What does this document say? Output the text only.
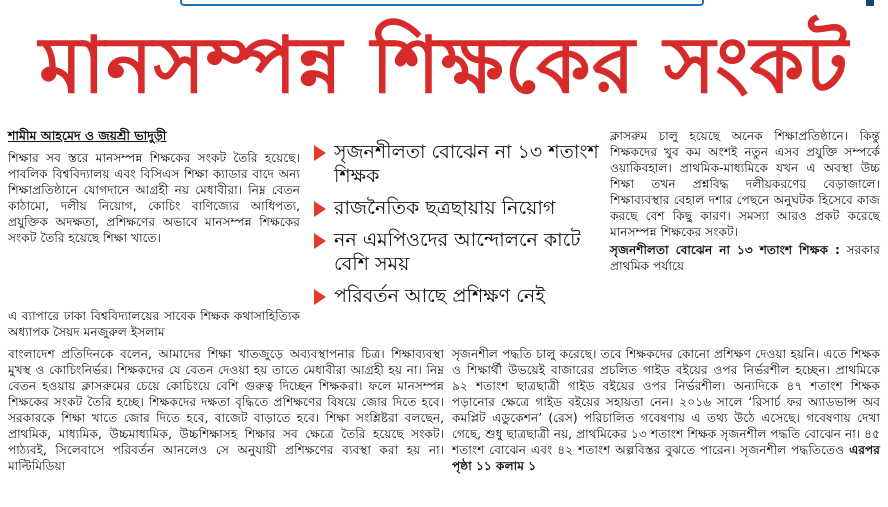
মানসম্পন্ন শিক্ষকের সংকট
শামীম আহমেদ ও জয়শ্রী ভাদুড়ী
শিক্ষার সব স্তরে মানসম্পন্ন শিক্ষকের সংকট তৈরি হয়েছে। পাবলিক বিশ্ববিদ্যালয় এবং বিসিএস শিক্ষা ক্যাডার বাদে অন্য শিক্ষাপ্রতিষ্ঠানে যোগদানে আগ্রহী নয় মেধাবীরা। নিম্ন বেতন কাঠামো, দলীয় নিয়োগ, কোচিং বাণিজ্যের আধিপত্য, প্রযুক্তিক অদক্ষতা, প্রশিক্ষণের অভাবে মানসম্পন্ন শিক্ষকের সংকট তৈরি হয়েছে শিক্ষা খাতে।
এ ব্যাপারে ঢাকা বিশ্ববিদ্যালয়ের সাবেক শিক্ষক কথাসাহিত্যিক অধ্যাপক সৈয়দ মনজুরুল ইসলাম
সৃজনশীলতা বোঝেন না ১৩ শতাংশ শিক্ষক
রাজনৈতিক ছত্রছায়ায় নিয়োগ
নন এমপিওদের আন্দোলনে কাটে বেশি সময়
পরিবর্তন আছে প্রশিক্ষণ নেই
ক্লাসরুম চালু হয়েছে অনেক শিক্ষাপ্রতিষ্ঠানে। কিন্তু শিক্ষকদের খুব কম অংশই নতুন এসব প্রযুক্তি সম্পর্কে ওয়াকিবহাল। প্রাথমিক-মাধ্যমিকে যখন এ অবস্থা উচ্চ শিক্ষা তখন প্রশ্নবিদ্ধ দলীয়করণের বেড়াজালে। শিক্ষাব্যবস্থার বেহাল দশার পেছনে অনুঘটক হিসেবে কাজ করছে বেশ কিছু কারণ। সমস্যা আরও প্রকট করেছে মানসম্পন্ন শিক্ষকের সংকট।
সৃজনশীলতা বোঝেন না ১৩ শতাংশ শিক্ষক : সরকার প্রাথমিক পর্যায়ে
বাংলাদেশ প্রতিদিনকে বলেন, আমাদের শিক্ষা খাতজুড়ে অব্যবস্থাপনার চিত্র। শিক্ষাব্যবস্থা মুখস্থ ও কোচিংনির্ভর। শিক্ষকদের যে বেতন দেওয়া হয় তাতে মেধাবীরা আগ্রহী হয় না। নিম্ন বেতন হওয়ায় ক্লাসরুমের চেয়ে কোচিংয়ে বেশি গুরুত্ব দিচ্ছেন শিক্ষকরা। ফলে মানসম্পন্ন শিক্ষকের সংকট তৈরি হচ্ছে। শিক্ষকদের দক্ষতা বৃদ্ধিতে প্রশিক্ষণের বিষয়ে জোর দিতে হবে। সরকারকে শিক্ষা খাতে জোর দিতে হবে, বাজেট বাড়াতে হবে। শিক্ষা সংশ্লিষ্টরা বলছেন, প্রাথমিক, মাধ্যমিক, উচ্চমাধ্যমিক, উচ্চশিক্ষাসহ শিক্ষার সব ক্ষেত্রে তৈরি হয়েছে সংকট। পাঠ্যবই, সিলেবাসে পরিবর্তন আনলেও সে অনুযায়ী প্রশিক্ষণের ব্যবস্থা করা হয় না। মাল্টিমিডিয়া
সৃজনশীল পদ্ধতি চালু করেছে। তবে শিক্ষকদের কোনো প্রশিক্ষণ দেওয়া হয়নি। এতে শিক্ষক ও শিক্ষার্থী উভয়েই বাজারের প্রচলিত গাইড বইয়ের ওপর নির্ভরশীল হচ্ছেন। প্রাথমিকে ৯২ শতাংশ ছাত্রছাত্রী গাইড বইয়ের ওপর নির্ভরশীল। অন্যদিকে ৪৭ শতাংশ শিক্ষক পড়ানোর ক্ষেত্রে গাইড বইয়ের সহায়তা নেন। ২০১৬ সালে ‘রিসার্চ ফর অ্যাডভান্স অব কমপ্লিট এডুকেশন’ (রেস) পরিচালিত গবেষণায় এ তথ্য উঠে এসেছে। গবেষণায় দেখা গেছে, শুধু ছাত্রছাত্রী নয়, প্রাথমিকের ১৩ শতাংশ শিক্ষক সৃজনশীল পদ্ধতি বোঝেন না। ৪৫ শতাংশ বোঝেন এবং ৪২ শতাংশ অল্পবিস্তর বুঝতে পারেন। সৃজনশীল পদ্ধতিতেও এরপর পৃষ্ঠা ১১ কলাম ১
